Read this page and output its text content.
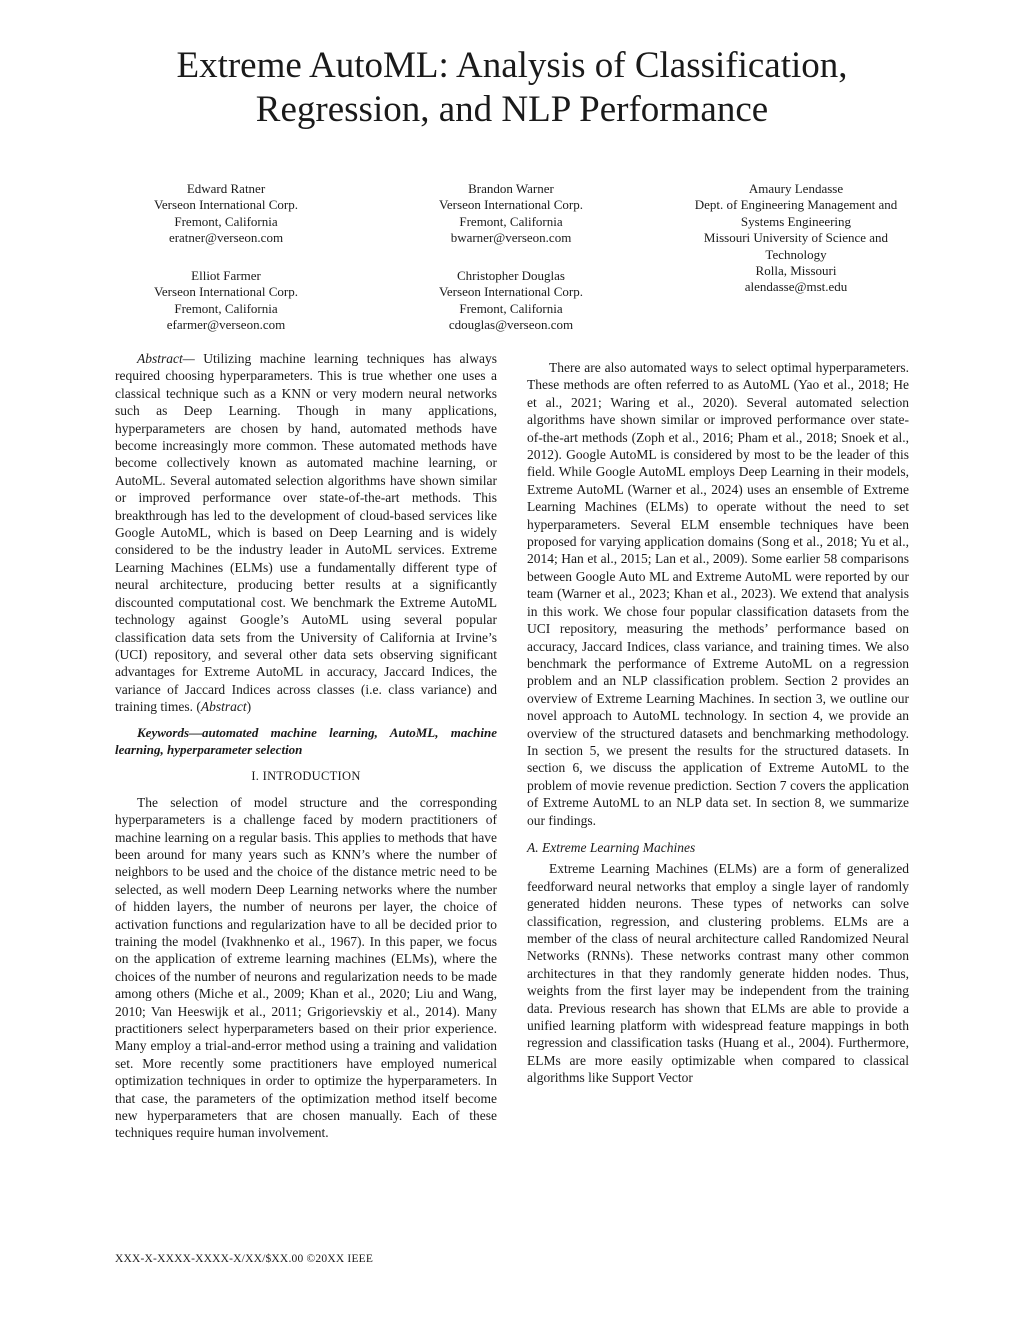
Extreme AutoML: Analysis of Classification,
Regression, and NLP Performance
Edward Ratner
Verseon International Corp.
Fremont, California
eratner@verseon.com
Brandon Warner
Verseon International Corp.
Fremont, California
bwarner@verseon.com
Amaury Lendasse
Dept. of Engineering Management and Systems Engineering
Missouri University of Science and Technology
Rolla, Missouri
alendasse@mst.edu
Elliot Farmer
Verseon International Corp.
Fremont, California
efarmer@verseon.com
Christopher Douglas
Verseon International Corp.
Fremont, California
cdouglas@verseon.com

Abstract— Utilizing machine learning techniques has always required choosing hyperparameters. This is true whether one uses a classical technique such as a KNN or very modern neural networks such as Deep Learning. Though in many applications, hyperparameters are chosen by hand, automated methods have become increasingly more common. These automated methods have become collectively known as automated machine learning, or AutoML. Several automated selection algorithms have shown similar or improved performance over state-of-the-art methods. This breakthrough has led to the development of cloud-based services like Google AutoML, which is based on Deep Learning and is widely considered to be the industry leader in AutoML services. Extreme Learning Machines (ELMs) use a fundamentally different type of neural architecture, producing better results at a significantly discounted computational cost. We benchmark the Extreme AutoML technology against Google’s AutoML using several popular classification data sets from the University of California at Irvine’s (UCI) repository, and several other data sets observing significant advantages for Extreme AutoML in accuracy, Jaccard Indices, the variance of Jaccard Indices across classes (i.e. class variance) and training times. (Abstract)

Keywords—automated machine learning, AutoML, machine learning, hyperparameter selection

I. INTRODUCTION

The selection of model structure and the corresponding hyperparameters is a challenge faced by modern practitioners of machine learning on a regular basis. This applies to methods that have been around for many years such as KNN’s where the number of neighbors to be used and the choice of the distance metric need to be selected, as well modern Deep Learning networks where the number of hidden layers, the number of neurons per layer, the choice of activation functions and regularization have to all be decided prior to training the model (Ivakhnenko et al., 1967). In this paper, we focus on the application of extreme learning machines (ELMs), where the choices of the number of neurons and regularization needs to be made among others (Miche et al., 2009; Khan et al., 2020; Liu and Wang, 2010; Van Heeswijk et al., 2011; Grigorievskiy et al., 2014). Many practitioners select hyperparameters based on their prior experience. Many employ a trial-and-error method using a training and validation set. More recently some practitioners have employed numerical optimization techniques in order to optimize the hyperparameters. In that case, the parameters of the optimization method itself become new hyperparameters that are chosen manually. Each of these techniques require human involvement.

There are also automated ways to select optimal hyperparameters. These methods are often referred to as AutoML (Yao et al., 2018; He et al., 2021; Waring et al., 2020). Several automated selection algorithms have shown similar or improved performance over state-of-the-art methods (Zoph et al., 2016; Pham et al., 2018; Snoek et al., 2012). Google AutoML is considered by most to be the leader of this field. While Google AutoML employs Deep Learning in their models, Extreme AutoML (Warner et al., 2024) uses an ensemble of Extreme Learning Machines (ELMs) to operate without the need to set hyperparameters. Several ELM ensemble techniques have been proposed for varying application domains (Song et al., 2018; Yu et al., 2014; Han et al., 2015; Lan et al., 2009). Some earlier 58 comparisons between Google Auto ML and Extreme AutoML were reported by our team (Warner et al., 2023; Khan et al., 2023). We extend that analysis in this work. We chose four popular classification datasets from the UCI repository, measuring the methods’ performance based on accuracy, Jaccard Indices, class variance, and training times. We also benchmark the performance of Extreme AutoML on a regression problem and an NLP classification problem. Section 2 provides an overview of Extreme Learning Machines. In section 3, we outline our novel approach to AutoML technology. In section 4, we provide an overview of the structured datasets and benchmarking methodology. In section 5, we present the results for the structured datasets. In section 6, we discuss the application of Extreme AutoML to the problem of movie revenue prediction. Section 7 covers the application of Extreme AutoML to an NLP data set. In section 8, we summarize our findings.

A. Extreme Learning Machines

Extreme Learning Machines (ELMs) are a form of generalized feedforward neural networks that employ a single layer of randomly generated hidden neurons. These types of networks can solve classification, regression, and clustering problems. ELMs are a member of the class of neural architecture called Randomized Neural Networks (RNNs). These networks contrast many other common architectures in that they randomly generate hidden nodes. Thus, weights from the first layer may be independent from the training data. Previous research has shown that ELMs are able to provide a unified learning platform with widespread feature mappings in both regression and classification tasks (Huang et al., 2004). Furthermore, ELMs are more easily optimizable when compared to classical algorithms like Support Vector

XXX-X-XXXX-XXXX-X/XX/$XX.00 ©20XX IEEE
